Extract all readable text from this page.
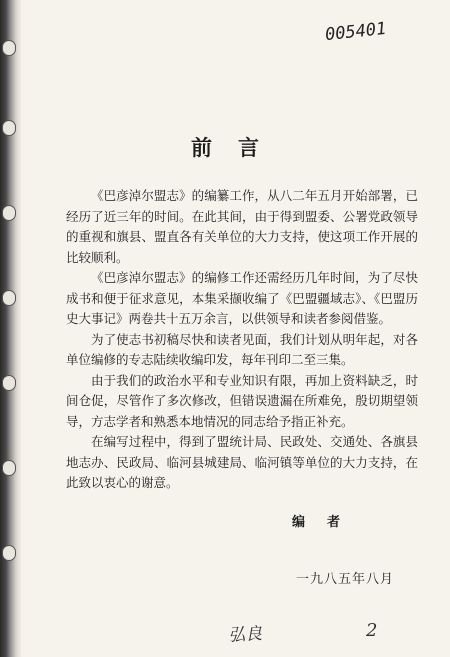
005401
前言

《巴彦淖尔盟志》的编纂工作，从八二年五月开始部署，已经历了近三年的时间。在此其间，由于得到盟委、公署党政领导的重视和旗县、盟直各有关单位的大力支持，使这项工作开展的比较顺利。

《巴彦淖尔盟志》的编修工作还需经历几年时间，为了尽快成书和便于征求意见，本集采撷收编了《巴盟疆域志》、《巴盟历史大事记》两卷共十五万余言，以供领导和读者参阅借鉴。

为了使志书初稿尽快和读者见面，我们计划从明年起，对各单位编修的专志陆续收编印发，每年刊印二至三集。

由于我们的政治水平和专业知识有限，再加上资料缺乏，时间仓促，尽管作了多次修改，但错误遗漏在所难免，殷切期望领导，方志学者和熟悉本地情况的同志给予指正补充。

在编写过程中，得到了盟统计局、民政处、交通处、各旗县地志办、民政局、临河县城建局、临河镇等单位的大力支持，在此致以衷心的谢意。

编者
一九八五年八月
弘良	2
